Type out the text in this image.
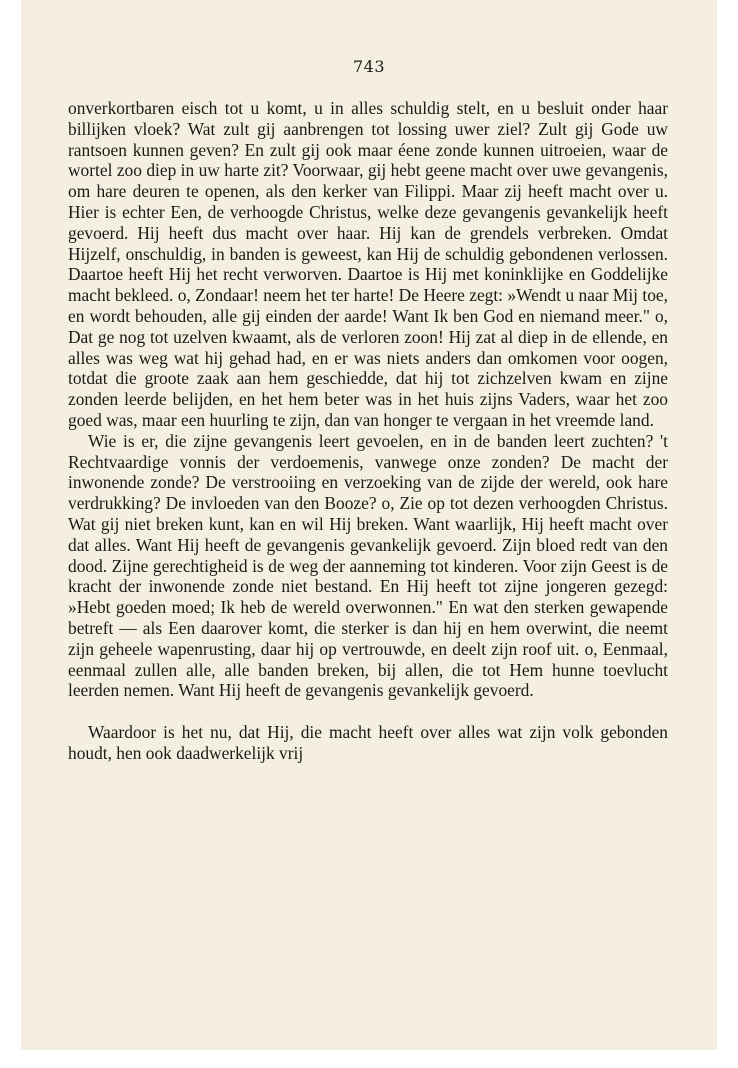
743

onverkortbaren eisch tot u komt, u in alles schuldig stelt, en u besluit onder haar billijken vloek? Wat zult gij aanbrengen tot lossing uwer ziel? Zult gij Gode uw rantsoen kunnen geven? En zult gij ook maar éene zonde kunnen uitroeien, waar de wortel zoo diep in uw harte zit? Voorwaar, gij hebt geene macht over uwe gevangenis, om hare deuren te openen, als den kerker van Filippi. Maar zij heeft macht over u. Hier is echter Een, de verhoogde Christus, welke deze gevangenis gevankelijk heeft gevoerd. Hij heeft dus macht over haar. Hij kan de grendels verbreken. Omdat Hijzelf, onschuldig, in banden is geweest, kan Hij de schuldig gebondenen verlossen. Daartoe heeft Hij het recht verworven. Daartoe is Hij met koninklijke en Goddelijke macht bekleed. o, Zondaar! neem het ter harte! De Heere zegt: »Wendt u naar Mij toe, en wordt behouden, alle gij einden der aarde! Want Ik ben God en niemand meer." o, Dat ge nog tot uzelven kwaamt, als de verloren zoon! Hij zat al diep in de ellende, en alles was weg wat hij gehad had, en er was niets anders dan omkomen voor oogen, totdat die groote zaak aan hem geschiedde, dat hij tot zichzelven kwam en zijne zonden leerde belijden, en het hem beter was in het huis zijns Vaders, waar het zoo goed was, maar een huurling te zijn, dan van honger te vergaan in het vreemde land.

Wie is er, die zijne gevangenis leert gevoelen, en in de banden leert zuchten? 't Rechtvaardige vonnis der verdoemenis, vanwege onze zonden? De macht der inwonende zonde? De verstrooiing en verzoeking van de zijde der wereld, ook hare verdrukking? De invloeden van den Booze? o, Zie op tot dezen verhoogden Christus. Wat gij niet breken kunt, kan en wil Hij breken. Want waarlijk, Hij heeft macht over dat alles. Want Hij heeft de gevangenis gevankelijk gevoerd. Zijn bloed redt van den dood. Zijne gerechtigheid is de weg der aanneming tot kinderen. Voor zijn Geest is de kracht der inwonende zonde niet bestand. En Hij heeft tot zijne jongeren gezegd: »Hebt goeden moed; Ik heb de wereld overwonnen." En wat den sterken gewapende betreft — als Een daarover komt, die sterker is dan hij en hem overwint, die neemt zijn geheele wapenrusting, daar hij op vertrouwde, en deelt zijn roof uit. o, Eenmaal, eenmaal zullen alle, alle banden breken, bij allen, die tot Hem hunne toevlucht leerden nemen. Want Hij heeft de gevangenis gevankelijk gevoerd.

Waardoor is het nu, dat Hij, die macht heeft over alles wat zijn volk gebonden houdt, hen ook daadwerkelijk vrij
